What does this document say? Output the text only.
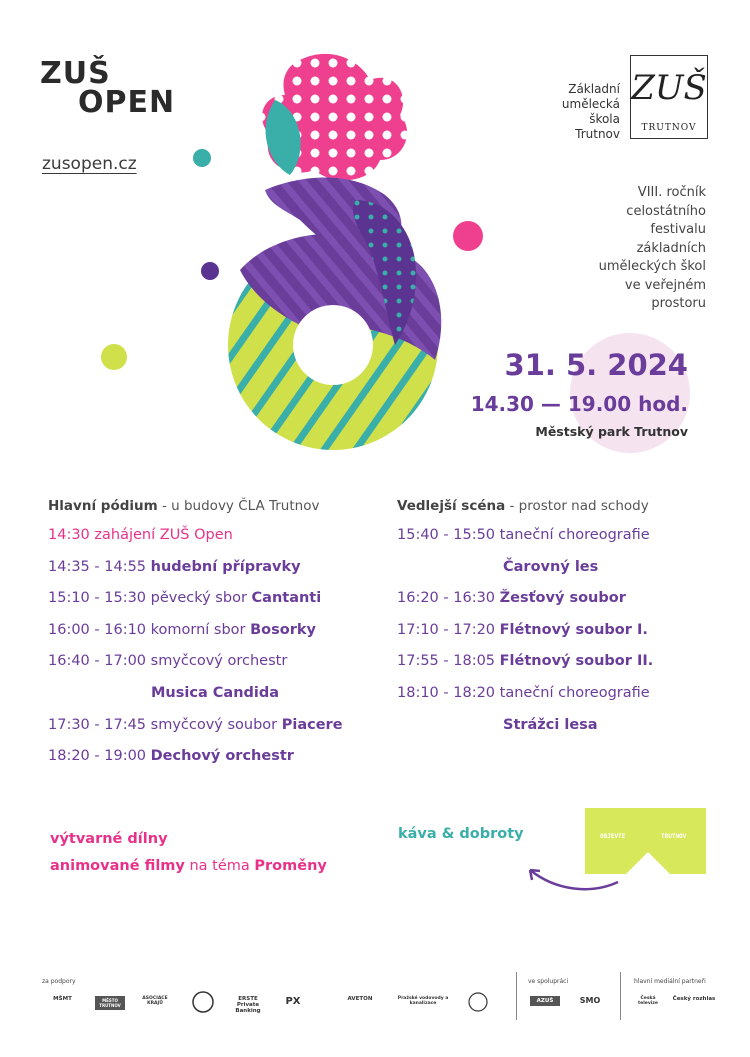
ZUŠ
OPEN
zusopen.cz
Základní
umělecká
škola
Trutnov
ZUŠ
TRUTNOV
VIII. ročník
celostátního
festivalu
základních
uměleckých škol
ve veřejném
prostoru
31. 5. 2024
14.30 — 19.00 hod.
Městský park Trutnov
Hlavní pódium - u budovy ČLA Trutnov
14:30 zahájení ZUŠ Open
14:35 - 14:55 hudební přípravky
15:10 - 15:30 pěvecký sbor Cantanti
16:00 - 16:10 komorní sbor Bosorky
16:40 - 17:00 smyčcový orchestr
Musica Candida
17:30 - 17:45 smyčcový soubor Piacere
18:20 - 19:00 Dechový orchestr
Vedlejší scéna - prostor nad schody
15:40 - 15:50 taneční choreografie
Čarovný les
16:20 - 16:30 Žesťový soubor
17:10 - 17:20 Flétnový soubor I.
17:55 - 18:05 Flétnový soubor II.
18:10 - 18:20 taneční choreografie
Strážci lesa
výtvarné dílny
animované filmy na téma Proměny
káva & dobroty	OBJEVTE	TRUTNOV
za podpory	ve spolupráci	hlavní mediální partneři
MŠMT	MĚSTO TRUTNOV
ASOCIACE KRAJŮ
ERSTE Private Banking
PX	AVETON	Pražské vodovody a kanalizace	AZUŠ	SMO	Česká televize
Český rozhlas
